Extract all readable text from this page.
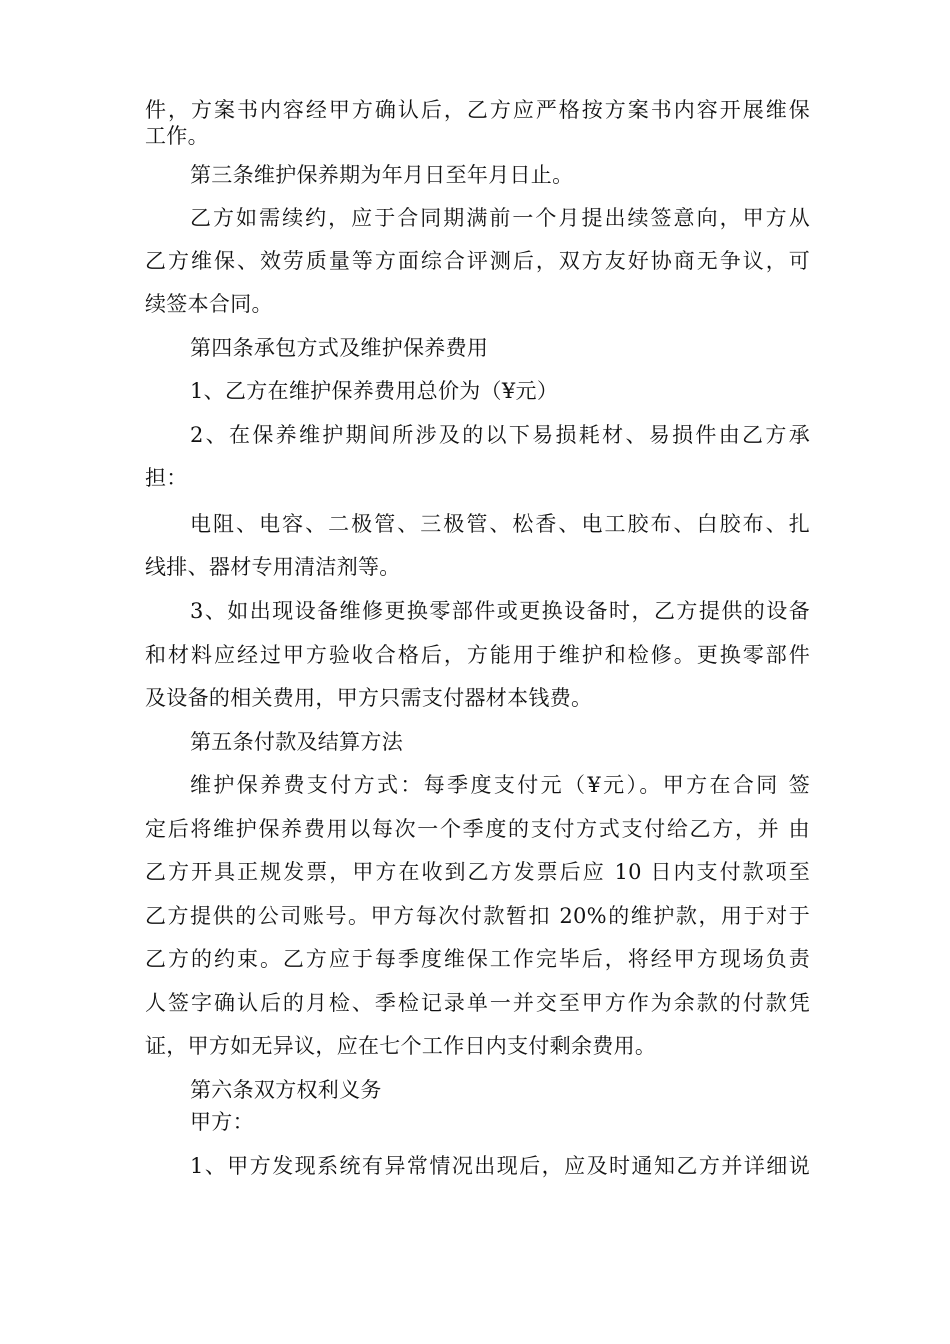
件，方案书内容经甲方确认后，乙方应严格按方案书内容开展维保
工作。
第三条维护保养期为年月日至年月日止。
乙方如需续约，应于合同期满前一个月提出续签意向，甲方从
乙方维保、效劳质量等方面综合评测后，双方友好协商无争议，可
续签本合同。
第四条承包方式及维护保养费用
1、乙方在维护保养费用总价为（¥元）
2、在保养维护期间所涉及的以下易损耗材、易损件由乙方承
担：
电阻、电容、二极管、三极管、松香、电工胶布、白胶布、扎
线排、器材专用清洁剂等。
3、如出现设备维修更换零部件或更换设备时，乙方提供的设备
和材料应经过甲方验收合格后，方能用于维护和检修。更换零部件
及设备的相关费用，甲方只需支付器材本钱费。
第五条付款及结算方法
维护保养费支付方式：每季度支付元（¥元）。甲方在合同 签
定后将维护保养费用以每次一个季度的支付方式支付给乙方，并 由
乙方开具正规发票，甲方在收到乙方发票后应 10 日内支付款项至
乙方提供的公司账号。甲方每次付款暂扣 20%的维护款，用于对于
乙方的约束。乙方应于每季度维保工作完毕后，将经甲方现场负责
人签字确认后的月检、季检记录单一并交至甲方作为余款的付款凭
证，甲方如无异议，应在七个工作日内支付剩余费用。
第六条双方权利义务
甲方：
1、甲方发现系统有异常情况出现后，应及时通知乙方并详细说
